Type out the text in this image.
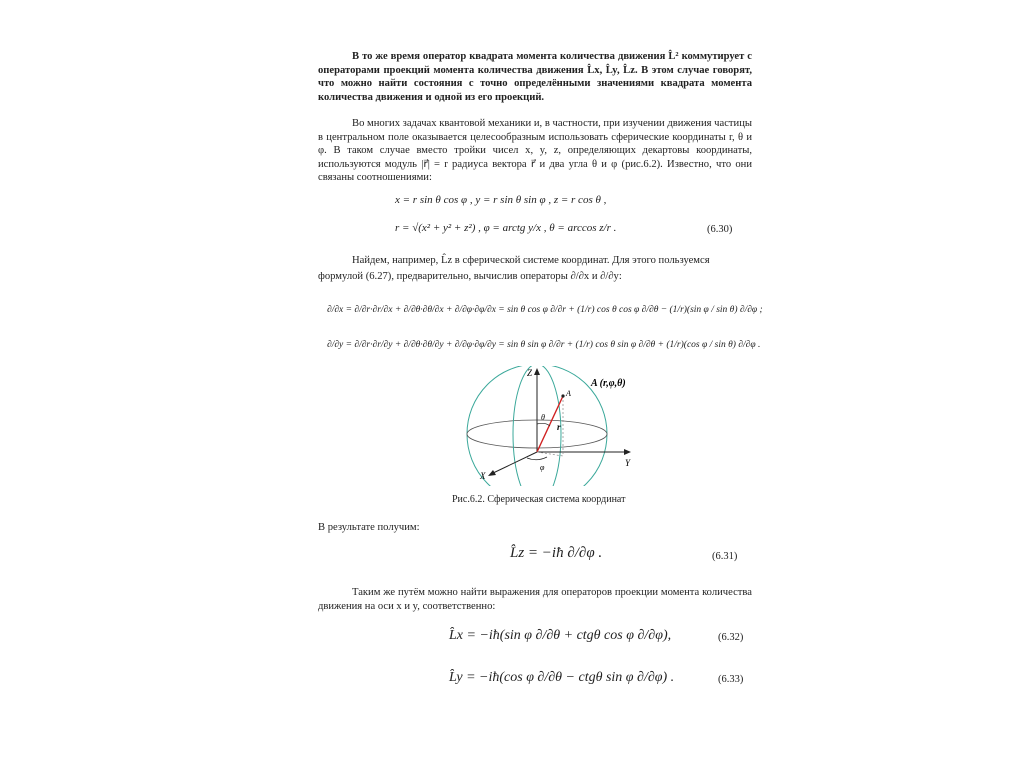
В то же время оператор квадрата момента количества движения L̂² коммутирует с операторами проекций момента количества движения L̂x, L̂y, L̂z. В этом случае говорят, что можно найти состояния с точно определёнными значениями квадрата момента количества движения и одной из его проекций.
Во многих задачах квантовой механики и, в частности, при изучении движения частицы в центральном поле оказывается целесообразным использовать сферические координаты r, θ и φ. В таком случае вместо тройки чисел x, y, z, определяющих декартовы координаты, используются модуль |r⃗| = r радиуса вектора r⃗ и два угла θ и φ (рис.6.2). Известно, что они связаны соотношениями:
x = r sin θ cos φ , y = r sin θ sin φ , z = r cos θ ,
r = √(x² + y² + z²) , φ = arctg y/x , θ = arccos z/r .	(6.30)
Найдем, например, L̂z в сферической системе координат. Для этого пользуемся
формулой (6.27), предварительно, вычислив операторы ∂/∂x и ∂/∂y:
∂/∂x = ∂/∂r·∂r/∂x + ∂/∂θ·∂θ/∂x + ∂/∂φ·∂φ/∂x = sin θ cos φ ∂/∂r + (1/r) cos θ cos φ ∂/∂θ − (1/r)(sin φ / sin θ) ∂/∂φ ;
∂/∂y = ∂/∂r·∂r/∂y + ∂/∂θ·∂θ/∂y + ∂/∂φ·∂φ/∂y = sin θ sin φ ∂/∂r + (1/r) cos θ sin φ ∂/∂θ + (1/r)(cos φ / sin θ) ∂/∂φ .
Z
Y
X
r
θ
φ
A
A (r,φ,θ)
Рис.6.2. Сферическая система координат
В результате получим:
L̂z = −iħ ∂/∂φ .	(6.31)
Таким же путём можно найти выражения для операторов проекции момента количества движения на оси x и y, соответственно:
L̂x = −iħ(sin φ ∂/∂θ + ctgθ cos φ ∂/∂φ),	(6.32)
L̂y = −iħ(cos φ ∂/∂θ − ctgθ sin φ ∂/∂φ) .	(6.33)
